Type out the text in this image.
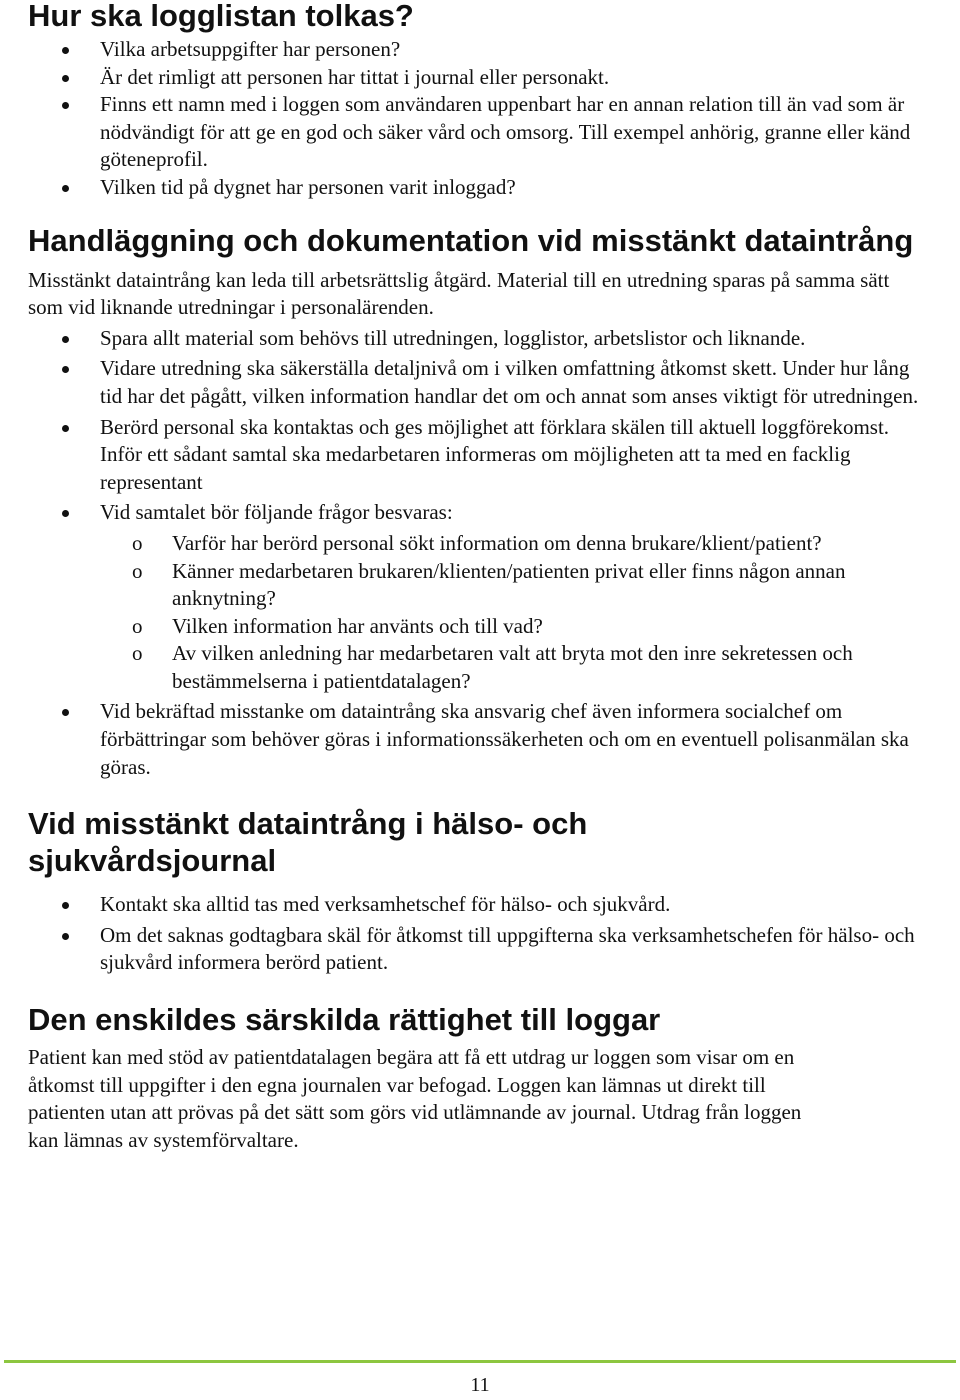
Hur ska logglistan tolkas?
Vilka arbetsuppgifter har personen?
Är det rimligt att personen har tittat i journal eller personakt.
Finns ett namn med i loggen som användaren uppenbart har en annan relation till än vad som är nödvändigt för att ge en god och säker vård och omsorg. Till exempel anhörig, granne eller känd göteneprofil.
Vilken tid på dygnet har personen varit inloggad?
Handläggning och dokumentation vid misstänkt dataintrång

Misstänkt dataintrång kan leda till arbetsrättslig åtgärd. Material till en utredning sparas på samma sätt som vid liknande utredningar i personalärenden.

Spara allt material som behövs till utredningen, logglistor, arbetslistor och liknande.
Vidare utredning ska säkerställa detaljnivå om i vilken omfattning åtkomst skett. Under hur lång tid har det pågått, vilken information handlar det om och annat som anses viktigt för utredningen.
Berörd personal ska kontaktas och ges möjlighet att förklara skälen till aktuell loggförekomst. Inför ett sådant samtal ska medarbetaren informeras om möjligheten att ta med en facklig representant
Vid samtalet bör följande frågor besvaras:
o Varför har berörd personal sökt information om denna brukare/klient/patient?
o Känner medarbetaren brukaren/klienten/patienten privat eller finns någon annan anknytning?
o Vilken information har använts och till vad?
o Av vilken anledning har medarbetaren valt att bryta mot den inre sekretessen och bestämmelserna i patientdatalagen?
Vid bekräftad misstanke om dataintrång ska ansvarig chef även informera socialchef om förbättringar som behöver göras i informationssäkerheten och om en eventuell polisanmälan ska göras.
Vid misstänkt dataintrång i hälso- och sjukvårdsjournal
Kontakt ska alltid tas med verksamhetschef för hälso- och sjukvård.
Om det saknas godtagbara skäl för åtkomst till uppgifterna ska verksamhetschefen för hälso- och sjukvård informera berörd patient.
Den enskildes särskilda rättighet till loggar

Patient kan med stöd av patientdatalagen begära att få ett utdrag ur loggen som visar om en åtkomst till uppgifter i den egna journalen var befogad. Loggen kan lämnas ut direkt till patienten utan att prövas på det sätt som görs vid utlämnande av journal. Utdrag från loggen kan lämnas av systemförvaltare.

11
